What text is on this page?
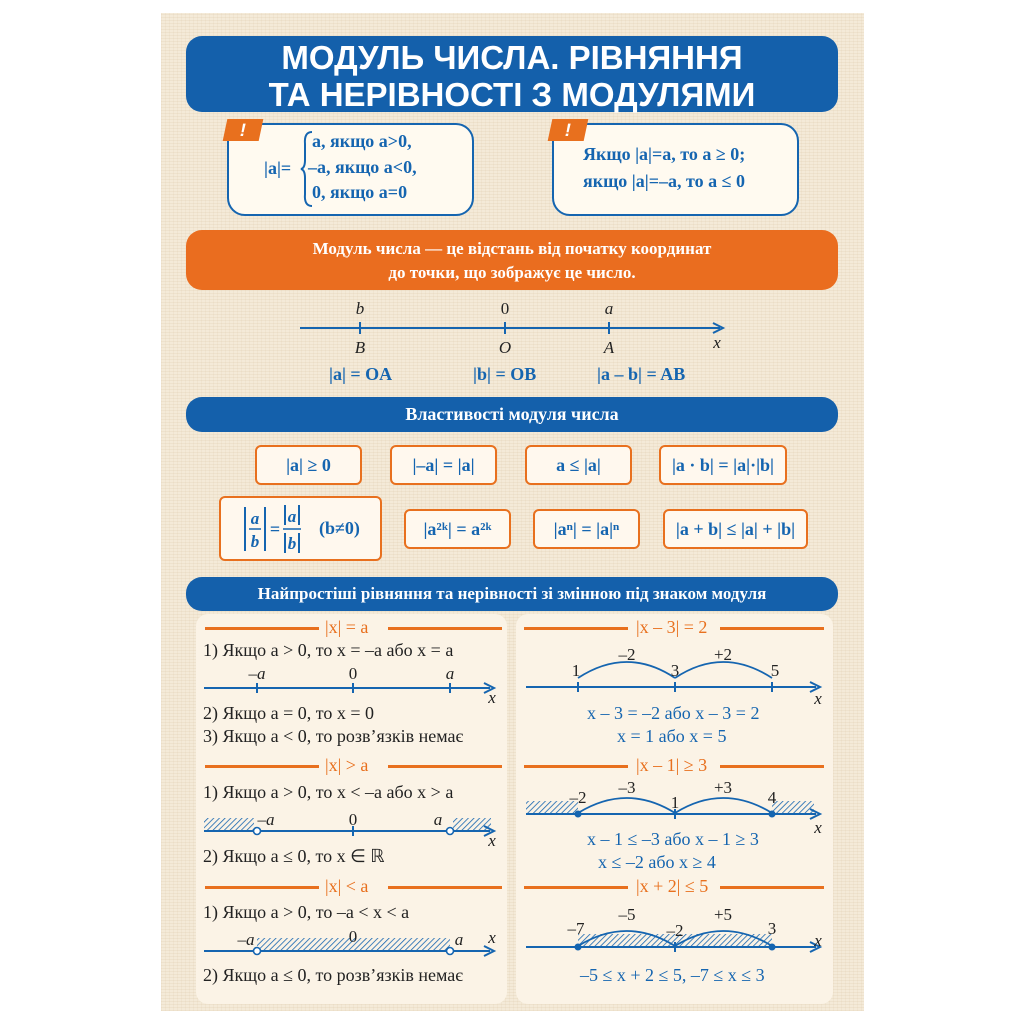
МОДУЛЬ ЧИСЛА. РІВНЯННЯ
ТА НЕРІВНОСТІ З МОДУЛЯМИ
!
|a|=
a, якщо a>0,
–a, якщо a<0,
0, якщо a=0
!
Якщо |a|=a, то a ≥ 0;
якщо |a|=–a, то a ≤ 0
Модуль числа — це відстань від початку координат
до точки, що зображує це число.
b	0	a
B	O	A	x
|a| = OA	|b| = OB	|a – b| = AB
Властивості модуля числа
|a| ≥ 0	|–a| = |a|	a ≤ |a|	|a · b| = |a|·|b|
a
b
=
a
b
(b≠0)	|a²ᵏ| = a²ᵏ	|aⁿ| = |a|ⁿ	|a + b| ≤ |a| + |b|
Найпростіші рівняння та нерівності зі змінною під знаком модуля
|x| = a
1) Якщо a > 0, то x = –a або x = a
–a	0	a
x
2) Якщо a = 0, то x = 0
3) Якщо a < 0, то розв’язків немає
|x| > a
1) Якщо a > 0, то x < –a або x > a
–a	0	a
x
2) Якщо a ≤ 0, то x ∈ ℝ
|x| < a
1) Якщо a > 0, то –a < x < a
–a	0	a x
2) Якщо a ≤ 0, то розв’язків немає
|x – 3| = 2
–2	+2
1	3	5
x
x – 3 = –2 або x – 3 = 2
x = 1 або x = 5
|x – 1| ≥ 3
–3	+3
–2	1	4
x
x – 1 ≤ –3 або x – 1 ≥ 3
x ≤ –2 або x ≥ 4
|x + 2| ≤ 5
–5	+5
–7	–2	3
x
–5 ≤ x + 2 ≤ 5, –7 ≤ x ≤ 3
